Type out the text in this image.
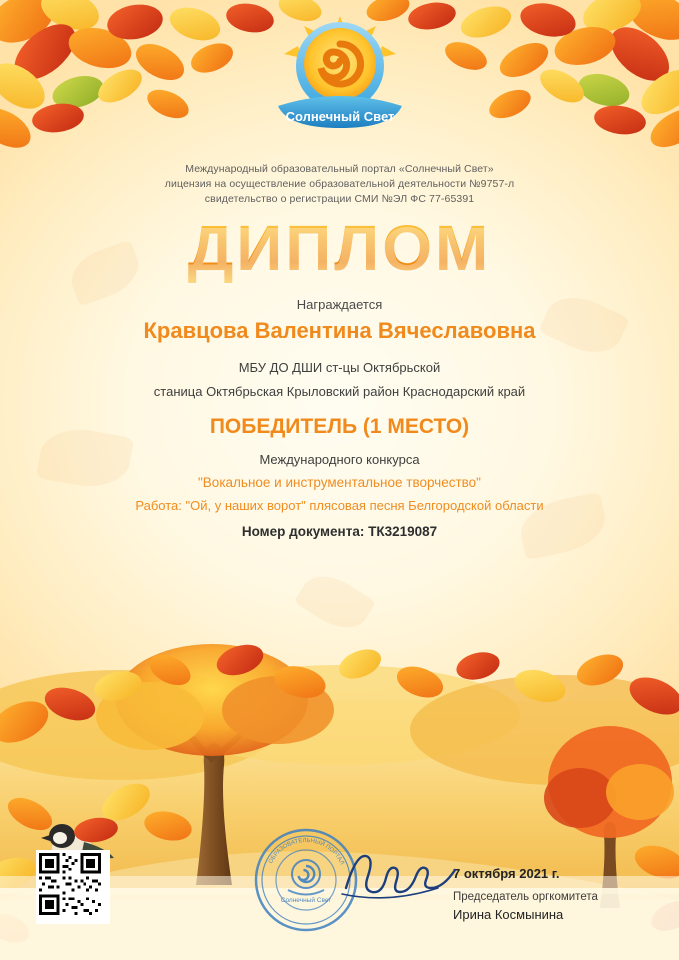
Солнечный Свет
Международный образовательный портал «Солнечный Свет»
лицензия на осуществление образовательной деятельности №9757-л
свидетельство о регистрации СМИ №ЭЛ ФС 77-65391
ДИПЛОМ
Награждается
Кравцова Валентина Вячеславовна
МБУ ДО ДШИ ст-цы Октябрьской
станица Октябрьская Крыловский район Краснодарский край
ПОБЕДИТЕЛЬ (1 МЕСТО)
Международного конкурса
"Вокальное и инструментальное творчество"
Работа: "Ой, у наших ворот" плясовая песня Белгородской области
Номер документа: ТК3219087
Солнечный Свет
ОБРАЗОВАТЕЛЬНЫЙ ПОРТАЛ
7 октября 2021 г.
Председатель оргкомитета
Ирина Космынина
